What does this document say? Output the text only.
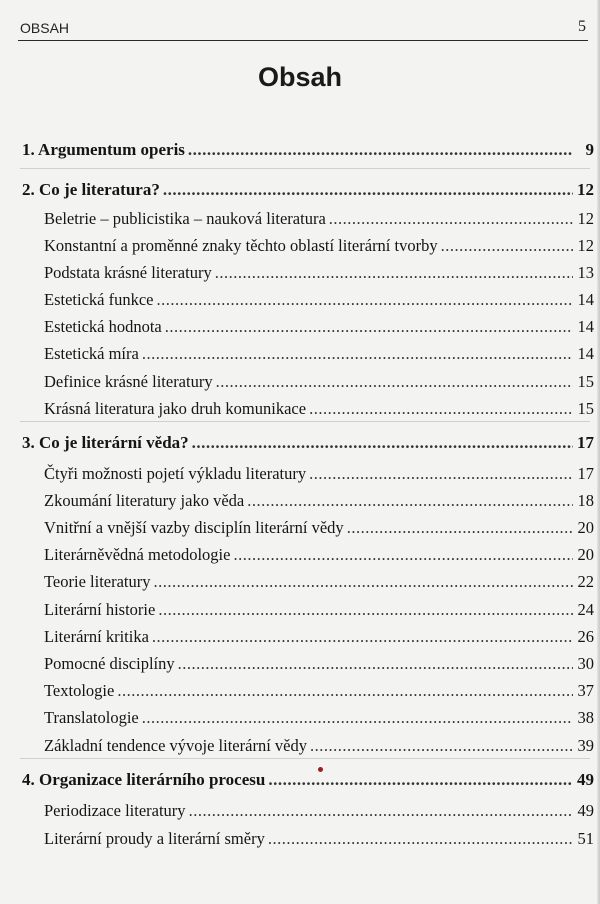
OBSAH	5
Obsah
1. Argumentum operis .....	9
2. Co je literatura? .....	12
Beletrie – publicistika – nauková literatura .....	12
Konstantní a proměnné znaky těchto oblastí literární tvorby .....	12
Podstata krásné literatury .....	13
Estetická funkce .....	14
Estetická hodnota .....	14
Estetická míra .....	14
Definice krásné literatury .....	15
Krásná literatura jako druh komunikace .....	15
3. Co je literární věda? .....	17
Čtyři možnosti pojetí výkladu literatury .....	17
Zkoumání literatury jako věda .....	18
Vnitřní a vnější vazby disciplín literární vědy .....	20
Literárněvědná metodologie .....	20
Teorie literatury .....	22
Literární historie .....	24
Literární kritika .....	26
Pomocné disciplíny .....	30
Textologie .....	37
Translatologie .....	38
Základní tendence vývoje literární vědy .....	39
4. Organizace literárního procesu .....	49
Periodizace literatury .....	49
Literární proudy a literární směry .....	51
